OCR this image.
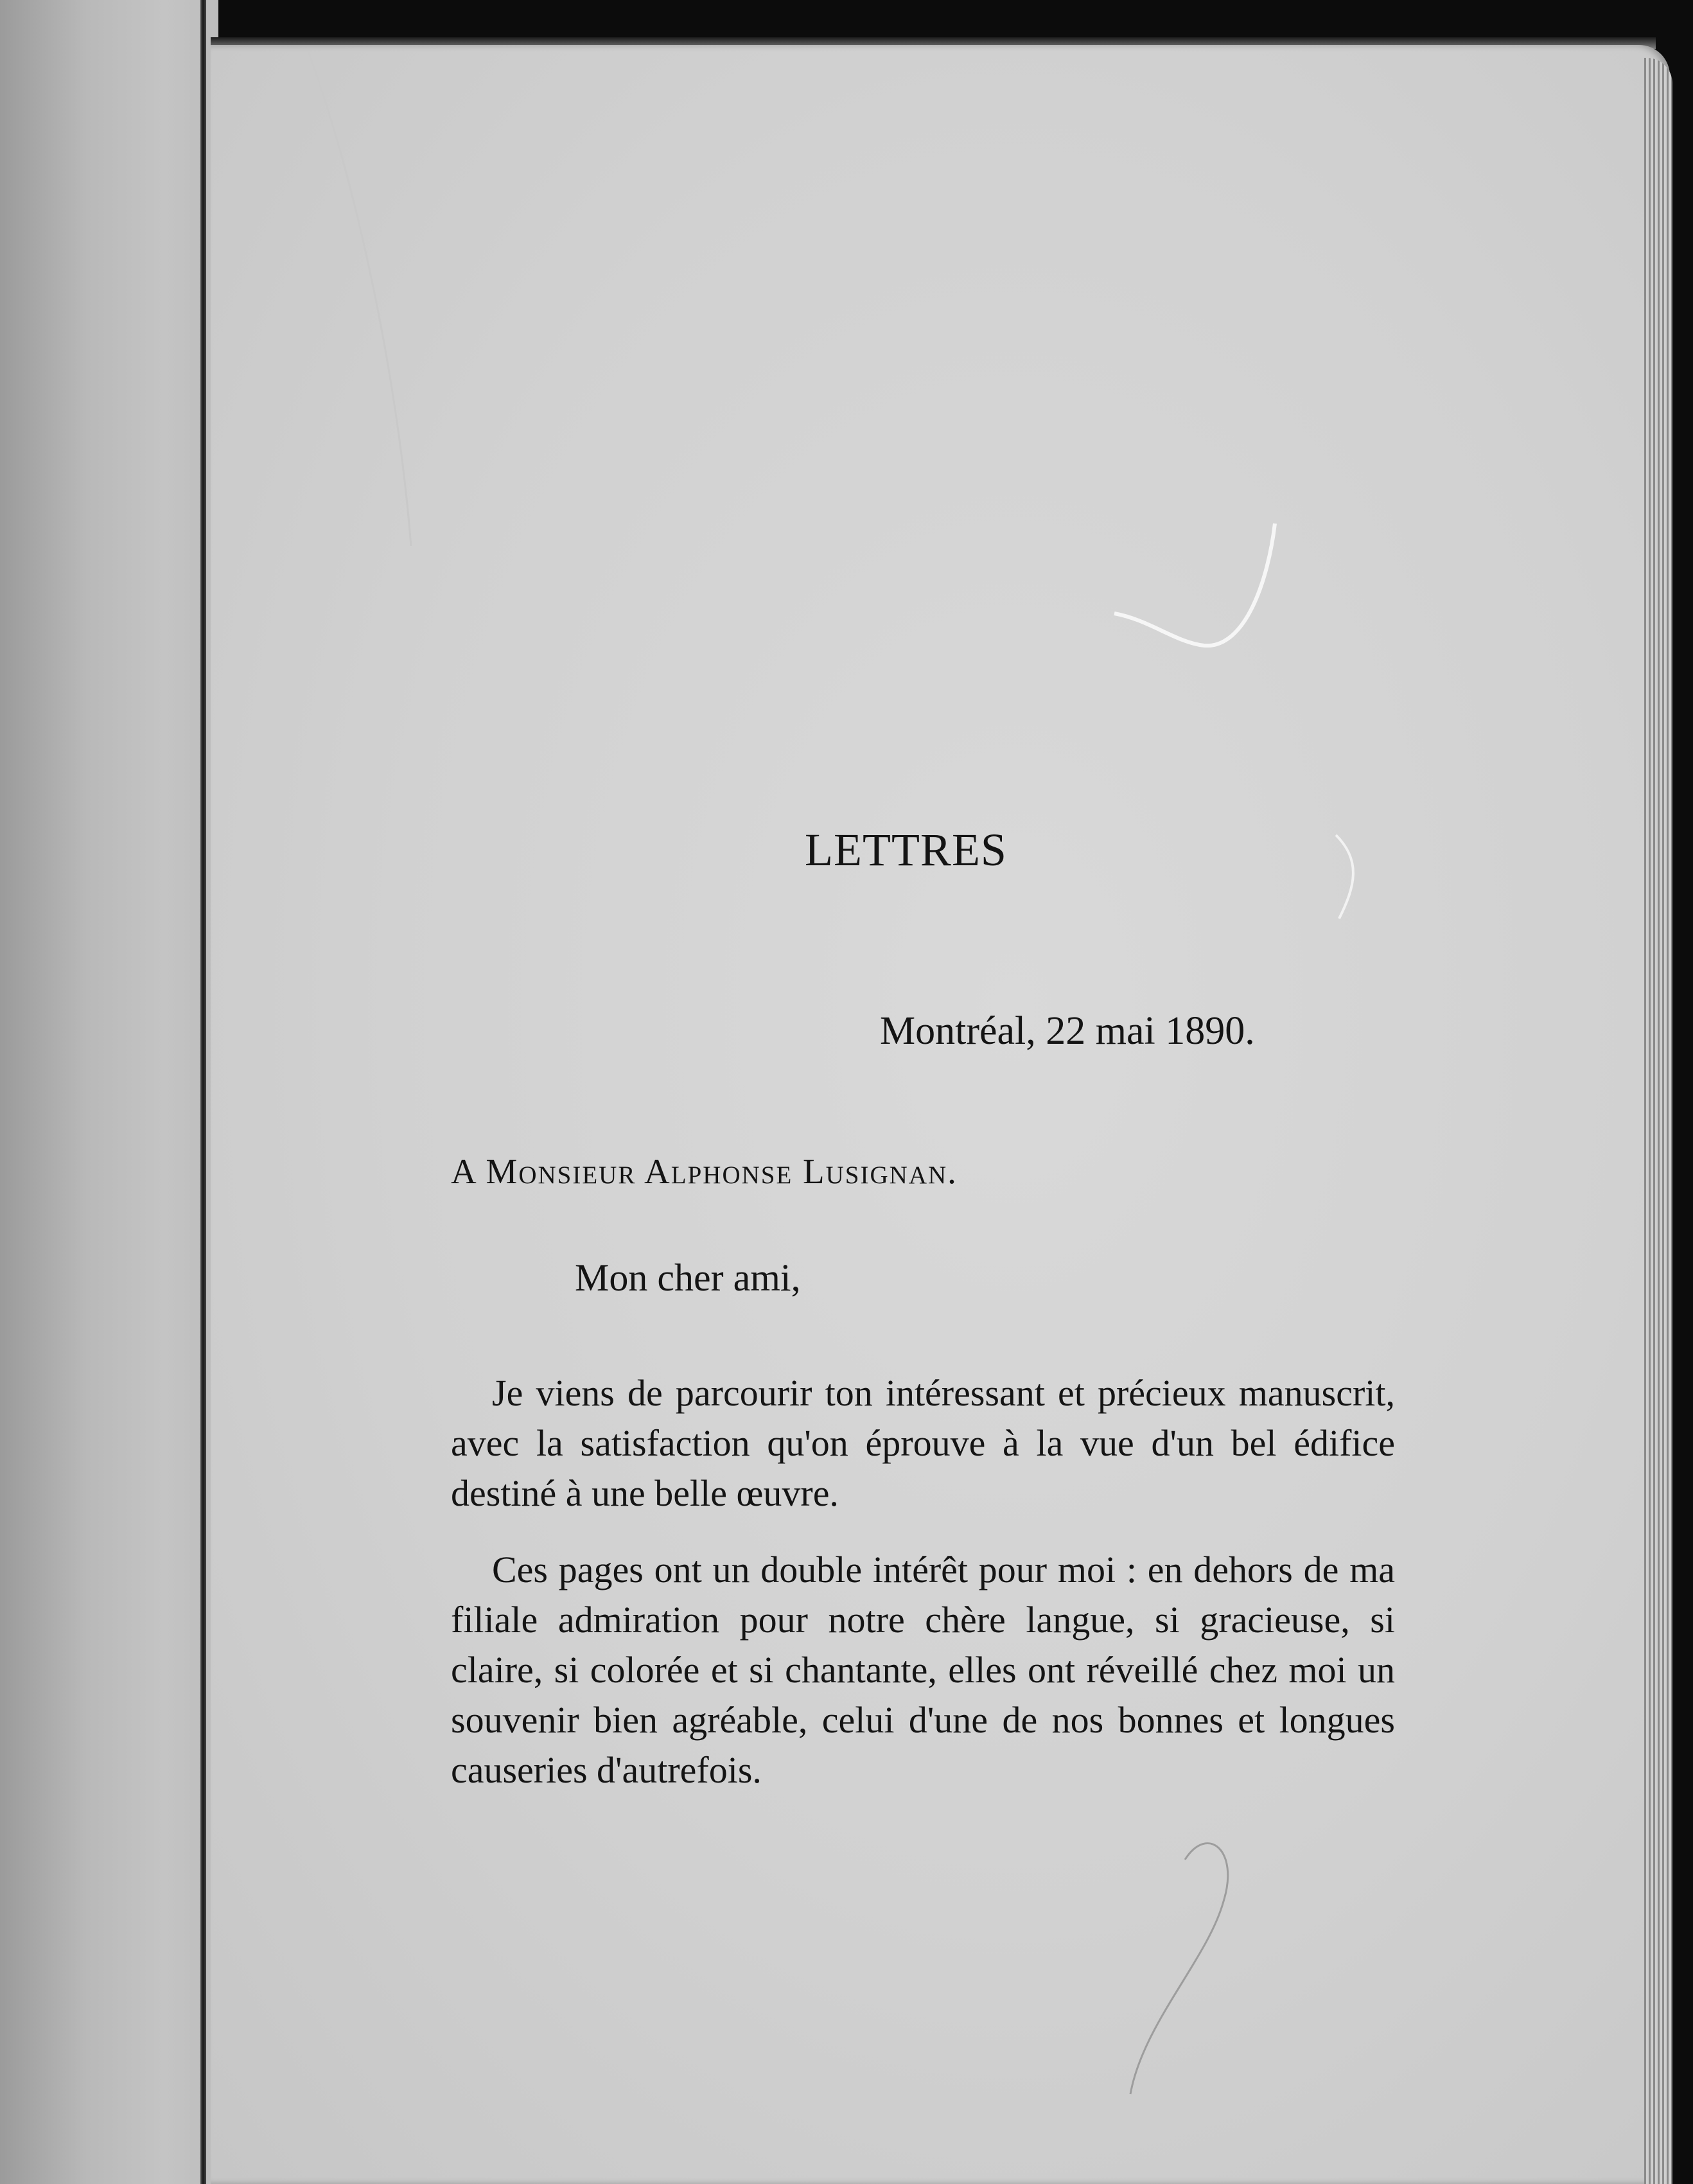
LETTRES
Montréal, 22 mai 1890.
A Monsieur Alphonse Lusignan.
Mon cher ami,
Je viens de parcourir ton intéressant et précieux manuscrit, avec la satisfaction qu'on éprouve à la vue d'un bel édifice destiné à une belle œuvre.
Ces pages ont un double intérêt pour moi : en dehors de ma filiale admiration pour notre chère langue, si gracieuse, si claire, si colorée et si chantante, elles ont réveillé chez moi un souvenir bien agréable, celui d'une de nos bonnes et longues causeries d'autrefois.
